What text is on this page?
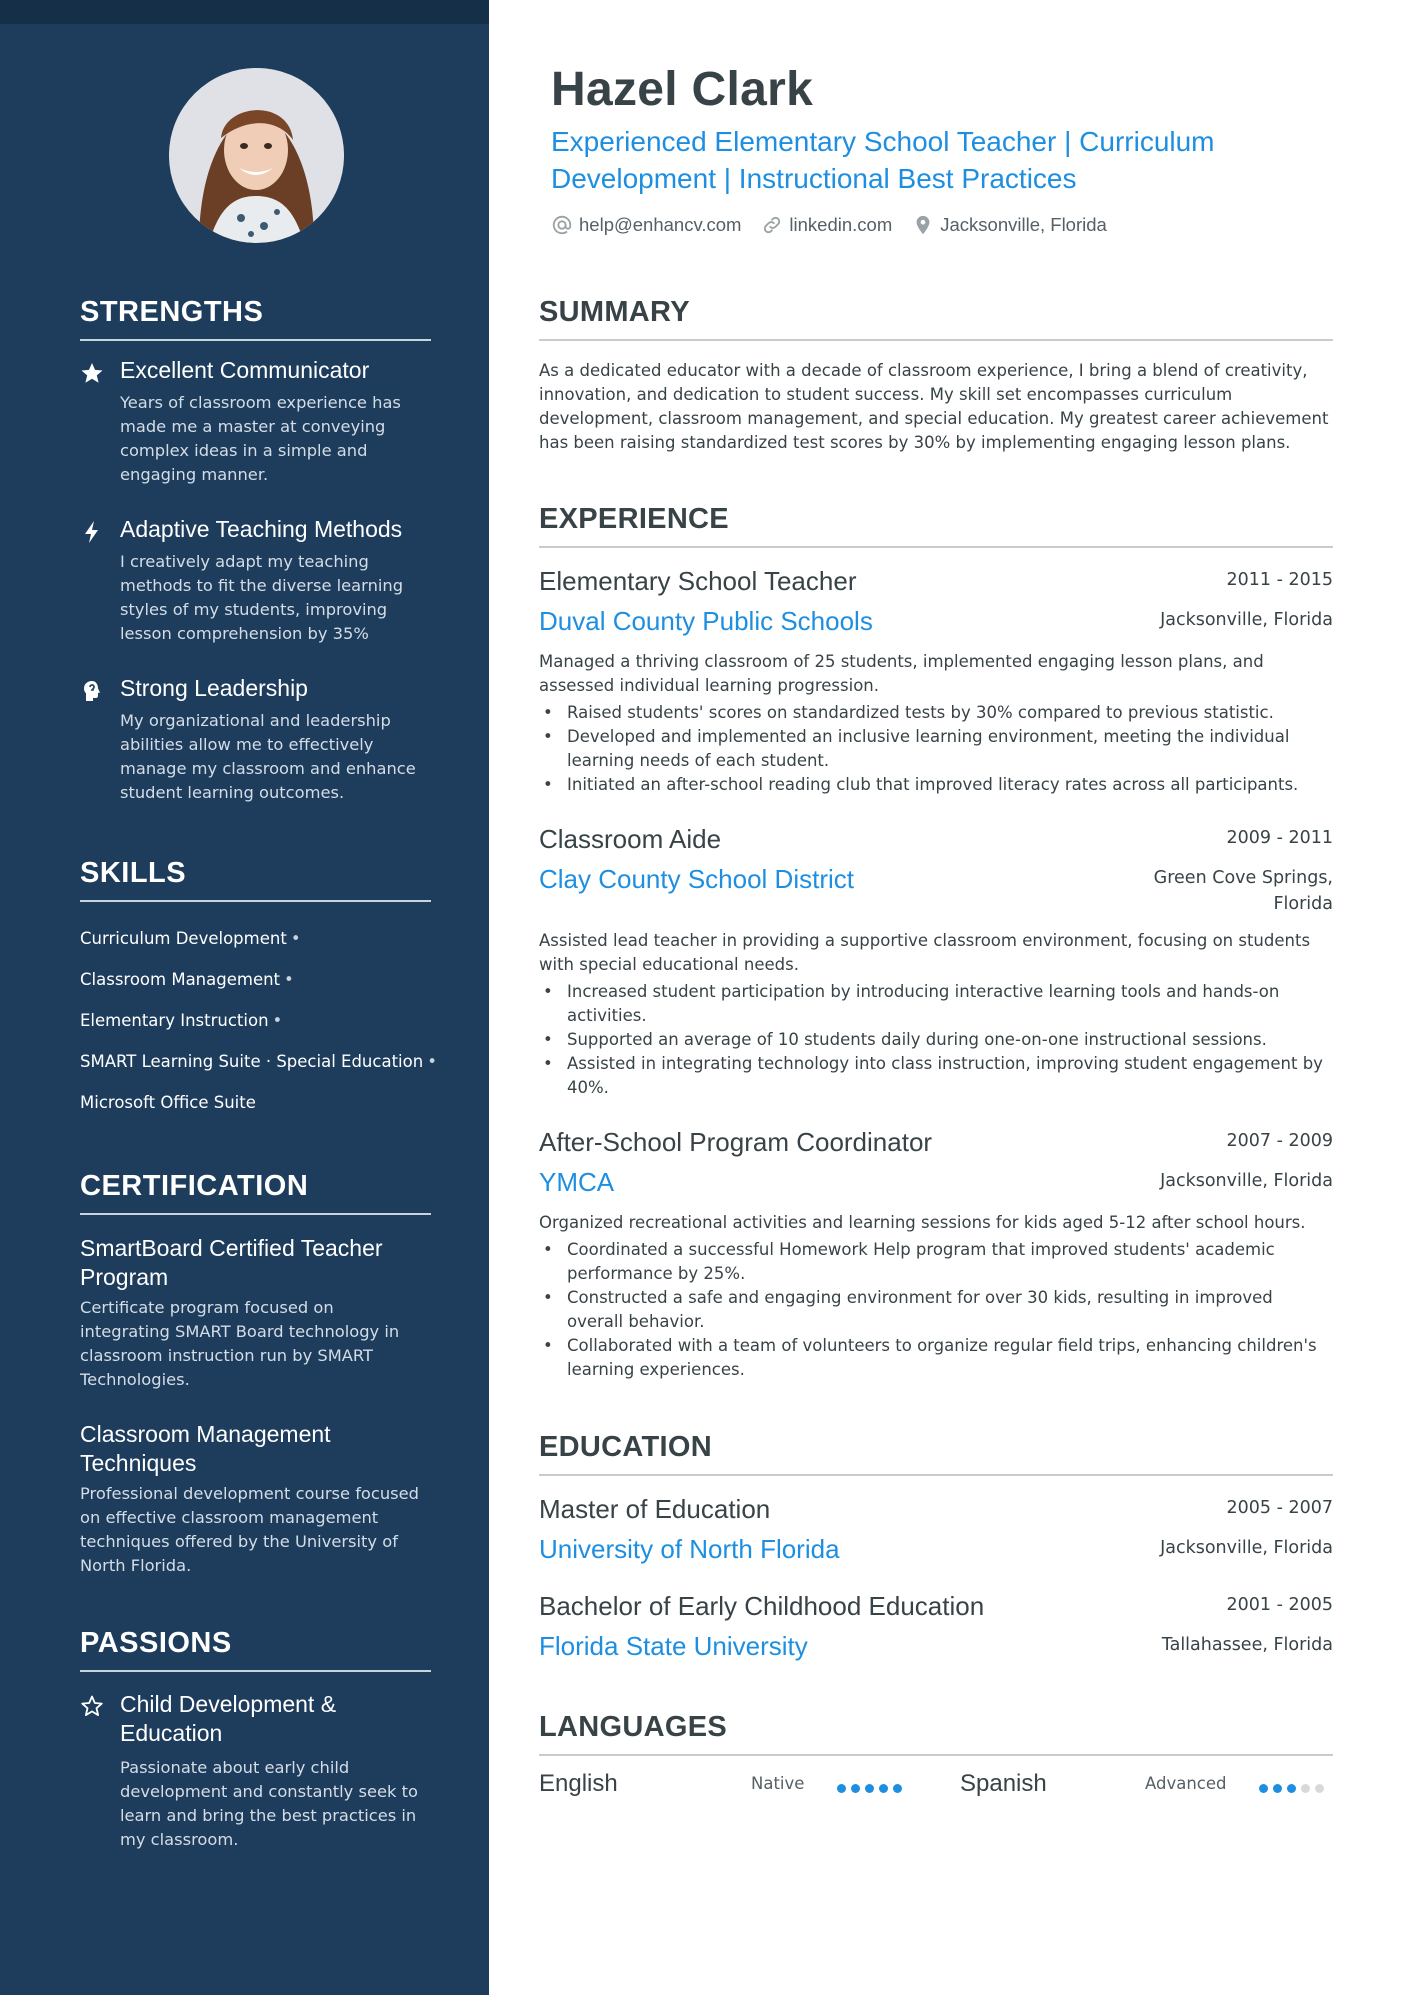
STRENGTHS
Excellent Communicator
Years of classroom experience has made me a master at conveying complex ideas in a simple and engaging manner.
Adaptive Teaching Methods
I creatively adapt my teaching methods to fit the diverse learning styles of my students, improving lesson comprehension by 35%
Strong Leadership
My organizational and leadership abilities allow me to effectively manage my classroom and enhance student learning outcomes.
SKILLS
Curriculum Development •
Classroom Management •
Elementary Instruction •
SMART Learning Suite · Special Education •
Microsoft Office Suite
CERTIFICATION
SmartBoard Certified Teacher Program
Certificate program focused on integrating SMART Board technology in classroom instruction run by SMART Technologies.
Classroom Management Techniques
Professional development course focused on effective classroom management techniques offered by the University of North Florida.
PASSIONS
Child Development & Education
Passionate about early child development and constantly seek to learn and bring the best practices in my classroom.
Hazel Clark
Experienced Elementary School Teacher | Curriculum Development | Instructional Best Practices
help@enhancv.com	linkedin.com	Jacksonville, Florida
SUMMARY

As a dedicated educator with a decade of classroom experience, I bring a blend of creativity, innovation, and dedication to student success. My skill set encompasses curriculum development, classroom management, and special education. My greatest career achievement has been raising standardized test scores by 30% by implementing engaging lesson plans.

EXPERIENCE
Elementary School Teacher	2011 - 2015
Duval County Public Schools	Jacksonville, Florida

Managed a thriving classroom of 25 students, implemented engaging lesson plans, and assessed individual learning progression.

• Raised students' scores on standardized tests by 30% compared to previous statistic.
• Developed and implemented an inclusive learning environment, meeting the individual learning needs of each student.
• Initiated an after-school reading club that improved literacy rates across all participants.
Classroom Aide	2009 - 2011
Clay County School District	Green Cove Springs, Florida

Assisted lead teacher in providing a supportive classroom environment, focusing on students with special educational needs.

• Increased student participation by introducing interactive learning tools and hands-on activities.
• Supported an average of 10 students daily during one-on-one instructional sessions.
• Assisted in integrating technology into class instruction, improving student engagement by 40%.
After-School Program Coordinator	2007 - 2009
YMCA	Jacksonville, Florida

Organized recreational activities and learning sessions for kids aged 5-12 after school hours.

• Coordinated a successful Homework Help program that improved students' academic performance by 25%.
• Constructed a safe and engaging environment for over 30 kids, resulting in improved overall behavior.
• Collaborated with a team of volunteers to organize regular field trips, enhancing children's learning experiences.
EDUCATION
Master of Education	2005 - 2007
University of North Florida	Jacksonville, Florida
Bachelor of Early Childhood Education	2001 - 2005
Florida State University	Tallahassee, Florida
LANGUAGES
English	Native	Spanish	Advanced
